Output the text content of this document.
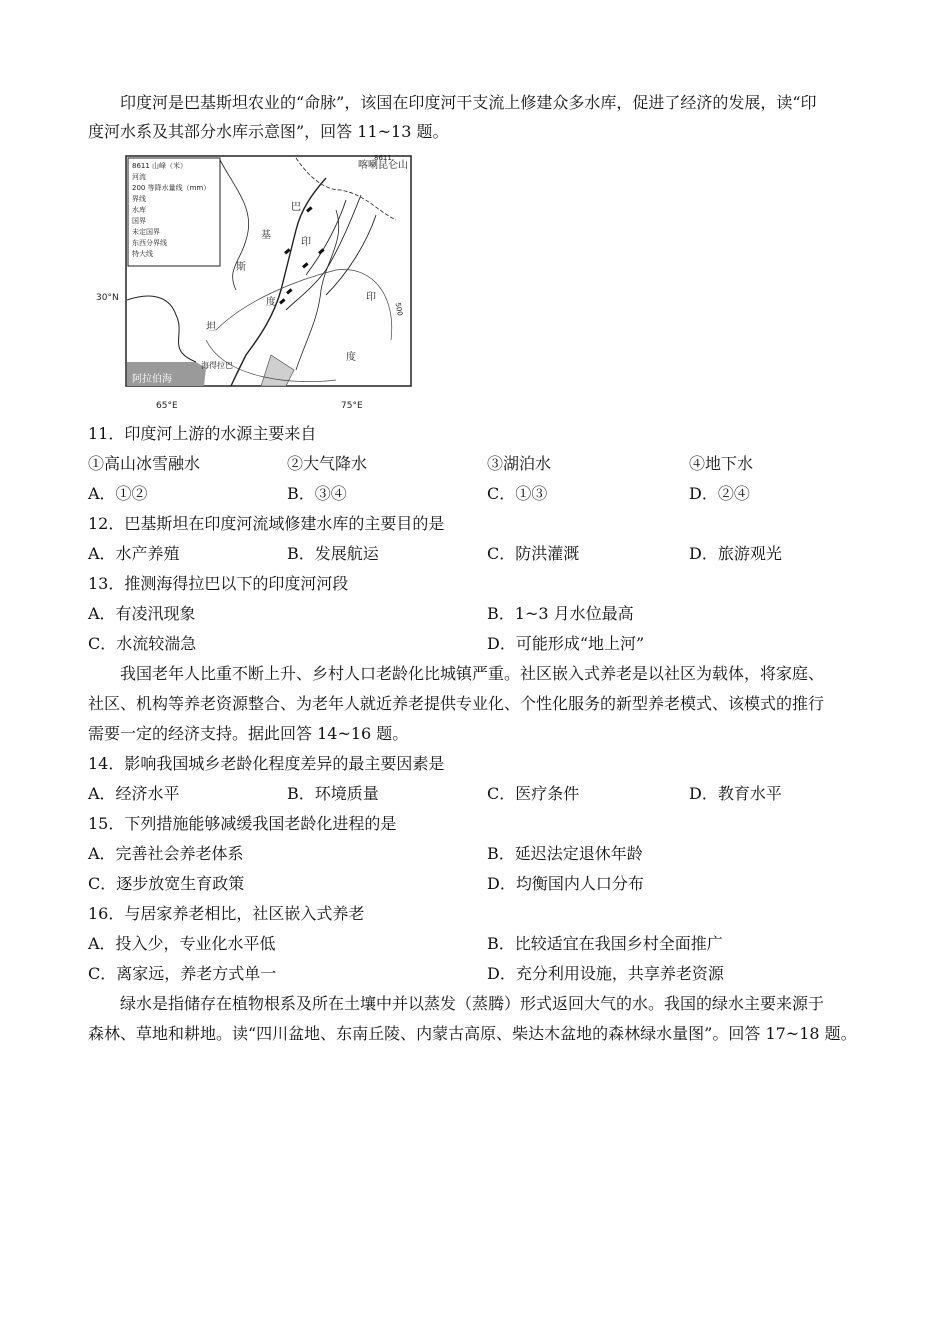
印度河是巴基斯坦农业的“命脉”，该国在印度河干支流上修建众多水库，促进了经济的发展，读“印
度河水系及其部分水库示意图”，回答 11~13 题。
8611 山峰（米）
河流
200 等降水量线（mm）
界线
水库
国界
未定国界
东西分界线
特大线
喀喇昆仑山
8611
巴
基
斯
坦
印
度	印
度
阿拉伯海
海得拉巴
500
30°N
65°E	75°E
11．印度河上游的水源主要来自
①高山冰雪融水	②大气降水	③湖泊水	④地下水
A．①②	B．③④	C．①③	D．②④
12．巴基斯坦在印度河流域修建水库的主要目的是
A．水产养殖	B．发展航运	C．防洪灌溉	D．旅游观光
13．推测海得拉巴以下的印度河河段
A．有凌汛现象	B．1~3 月水位最高
C．水流较湍急	D．可能形成“地上河”
我国老年人比重不断上升、乡村人口老龄化比城镇严重。社区嵌入式养老是以社区为载体，将家庭、
社区、机构等养老资源整合、为老年人就近养老提供专业化、个性化服务的新型养老模式、该模式的推行
需要一定的经济支持。据此回答 14~16 题。
14．影响我国城乡老龄化程度差异的最主要因素是
A．经济水平	B．环境质量	C．医疗条件	D．教育水平
15．下列措施能够减缓我国老龄化进程的是
A．完善社会养老体系	B．延迟法定退休年龄
C．逐步放宽生育政策	D．均衡国内人口分布
16．与居家养老相比，社区嵌入式养老
A．投入少，专业化水平低	B．比较适宜在我国乡村全面推广
C．离家远，养老方式单一	D．充分利用设施，共享养老资源
绿水是指储存在植物根系及所在土壤中并以蒸发（蒸腾）形式返回大气的水。我国的绿水主要来源于
森林、草地和耕地。读“四川盆地、东南丘陵、内蒙古高原、柴达木盆地的森林绿水量图”。回答 17~18 题。
